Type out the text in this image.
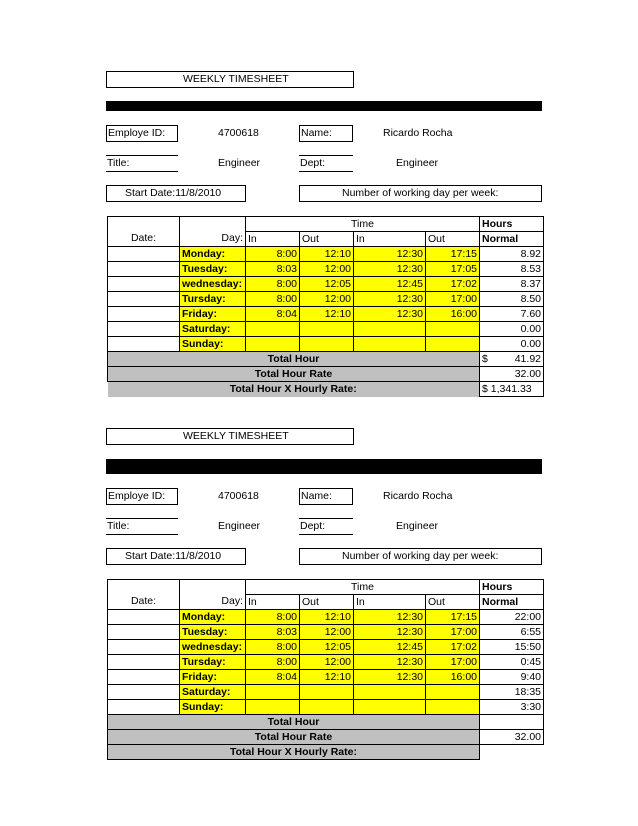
WEEKLY TIMESHEET
Employe ID:	4700618	Name:	Ricardo Rocha
Title:	Engineer	Dept:	Engineer
Start Date:11/8/2010	Number of working day per week:
		Time				Hours
Date:	Day:	In	Out	In	Out	Normal
	Monday:	8:00	12:10	12:30	17:15	8.92
	Tuesday:	8:03	12:00	12:30	17:05	8.53
	wednesday:	8:00	12:05	12:45	17:02	8.37
	Tursday:	8:00	12:00	12:30	17:00	8.50
	Friday:	8:04	12:10	12:30	16:00	7.60
	Saturday:					0.00
	Sunday:					0.00
Total Hour						$ 41.92

Total Hour Rate						32.00
Total Hour X Hourly Rate:						$ 1,341.33
WEEKLY TIMESHEET
Employe ID:	4700618	Name:	Ricardo Rocha
Title:	Engineer	Dept:	Engineer
Start Date:11/8/2010	Number of working day per week:
		Time				Hours
Date:	Day:	In	Out	In	Out	Normal
	Monday:	8:00	12:10	12:30	17:15	22:00
	Tuesday:	8:03	12:00	12:30	17:00	6:55
	wednesday:	8:00	12:05	12:45	17:02	15:50
	Tursday:	8:00	12:00	12:30	17:00	0:45
	Friday:	8:04	12:10	12:30	16:00	9:40
	Saturday:					18:35
	Sunday:					3:30
Total Hour						
Total Hour Rate						32.00
Total Hour X Hourly Rate:						
